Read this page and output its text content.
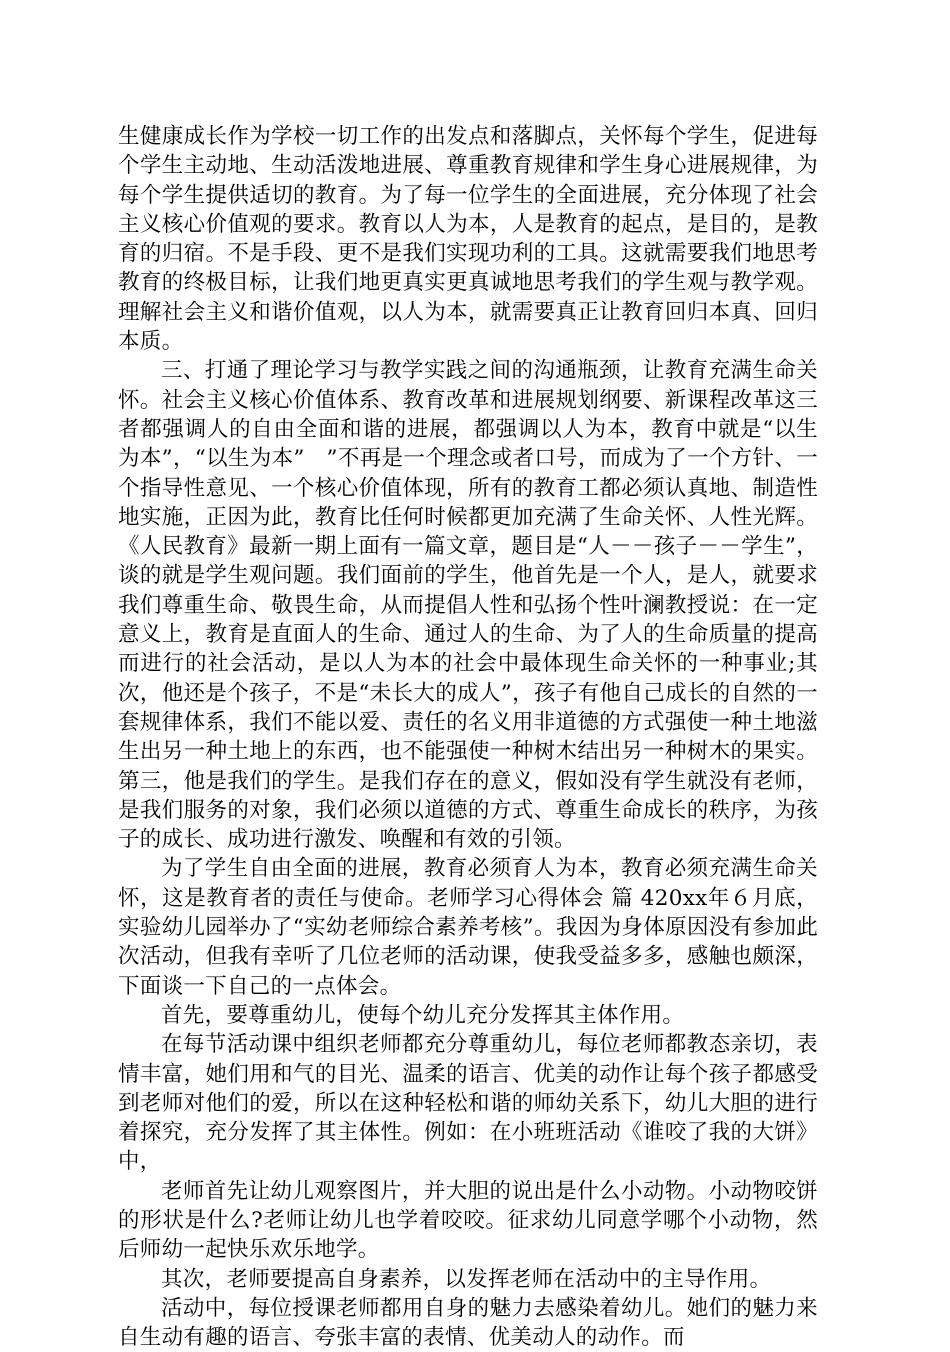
生健康成长作为学校一切工作的出发点和落脚点，关怀每个学生，促进每个学生主动地、生动活泼地进展、尊重教育规律和学生身心进展规律，为每个学生提供适切的教育。为了每一位学生的全面进展，充分体现了社会主义核心价值观的要求。教育以人为本，人是教育的起点，是目的，是教育的归宿。不是手段、更不是我们实现功利的工具。这就需要我们地思考教育的终极目标，让我们地更真实更真诚地思考我们的学生观与教学观。理解社会主义和谐价值观，以人为本，就需要真正让教育回归本真、回归本质。

三、打通了理论学习与教学实践之间的沟通瓶颈，让教育充满生命关怀。社会主义核心价值体系、教育改革和进展规划纲要、新课程改革这三者都强调人的自由全面和谐的进展，都强调以人为本，教育中就是“以生为本”，“以生为本”　”不再是一个理念或者口号，而成为了一个方针、一个指导性意见、一个核心价值体现，所有的教育工都必须认真地、制造性地实施，正因为此，教育比任何时候都更加充满了生命关怀、人性光辉。《人民教育》最新一期上面有一篇文章，题目是“人－－孩子－－学生”，谈的就是学生观问题。我们面前的学生，他首先是一个人，是人，就要求我们尊重生命、敬畏生命，从而提倡人性和弘扬个性叶澜教授说：在一定意义上，教育是直面人的生命、通过人的生命、为了人的生命质量的提高而进行的社会活动，是以人为本的社会中最体现生命关怀的一种事业;其次，他还是个孩子，不是“未长大的成人”，孩子有他自己成长的自然的一套规律体系，我们不能以爱、责任的名义用非道德的方式强使一种土地滋生出另一种土地上的东西，也不能强使一种树木结出另一种树木的果实。第三，他是我们的学生。是我们存在的意义，假如没有学生就没有老师，是我们服务的对象，我们必须以道德的方式、尊重生命成长的秩序，为孩子的成长、成功进行激发、唤醒和有效的引领。

为了学生自由全面的进展，教育必须育人为本，教育必须充满生命关怀，这是教育者的责任与使命。老师学习心得体会 篇 420xx年６月底，实验幼儿园举办了“实幼老师综合素养考核”。我因为身体原因没有参加此次活动，但我有幸听了几位老师的活动课，使我受益多多，感触也颇深，下面谈一下自己的一点体会。

首先，要尊重幼儿，使每个幼儿充分发挥其主体作用。

在每节活动课中组织老师都充分尊重幼儿，每位老师都教态亲切，表情丰富，她们用和气的目光、温柔的语言、优美的动作让每个孩子都感受到老师对他们的爱，所以在这种轻松和谐的师幼关系下，幼儿大胆的进行着探究，充分发挥了其主体性。例如：在小班班活动《谁咬了我的大饼》中，

老师首先让幼儿观察图片，并大胆的说出是什么小动物。小动物咬饼的形状是什么?老师让幼儿也学着咬咬。征求幼儿同意学哪个小动物，然后师幼一起快乐欢乐地学。

其次，老师要提高自身素养，以发挥老师在活动中的主导作用。

活动中，每位授课老师都用自身的魅力去感染着幼儿。她们的魅力来自生动有趣的语言、夸张丰富的表情、优美动人的动作。而
